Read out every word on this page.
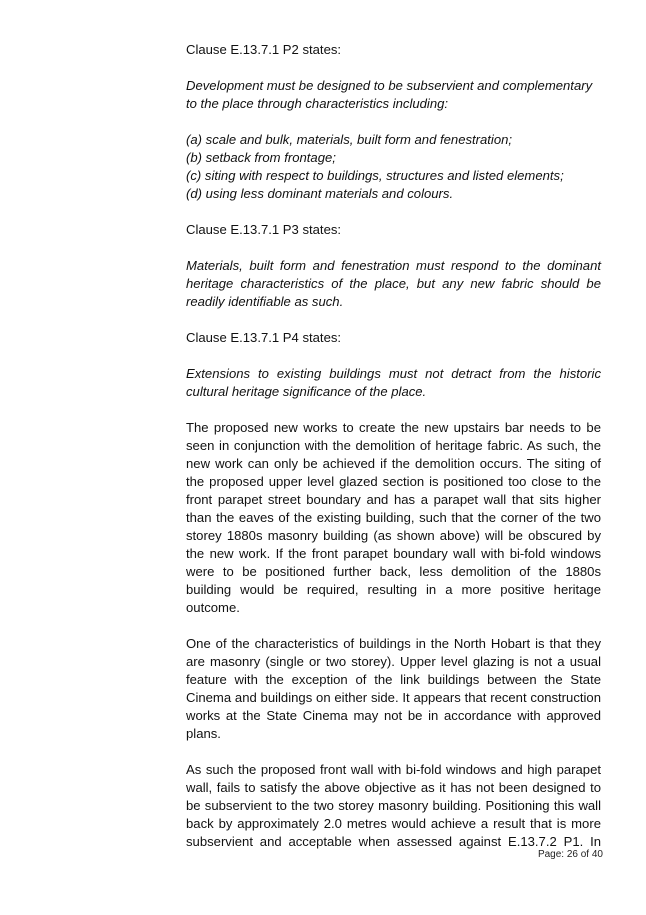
Clause E.13.7.1 P2 states:

Development must be designed to be subservient and complementary to the place through characteristics including:

(a) scale and bulk, materials, built form and fenestration;

(b) setback from frontage;

(c) siting with respect to buildings, structures and listed elements;

(d) using less dominant materials and colours.

Clause E.13.7.1 P3 states:

Materials, built form and fenestration must respond to the dominant heritage characteristics of the place, but any new fabric should be readily identifiable as such.

Clause E.13.7.1 P4 states:

Extensions to existing buildings must not detract from the historic cultural heritage significance of the place.

The proposed new works to create the new upstairs bar needs to be seen in conjunction with the demolition of heritage fabric. As such, the new work can only be achieved if the demolition occurs. The siting of the proposed upper level glazed section is positioned too close to the front parapet street boundary and has a parapet wall that sits higher than the eaves of the existing building, such that the corner of the two storey 1880s masonry building (as shown above) will be obscured by the new work. If the front parapet boundary wall with bi-fold windows were to be positioned further back, less demolition of the 1880s building would be required, resulting in a more positive heritage outcome.

One of the characteristics of buildings in the North Hobart is that they are masonry (single or two storey). Upper level glazing is not a usual feature with the exception of the link buildings between the State Cinema and buildings on either side. It appears that recent construction works at the State Cinema may not be in accordance with approved plans.

As such the proposed front wall with bi-fold windows and high parapet wall, fails to satisfy the above objective as it has not been designed to be subservient to the two storey masonry building. Positioning this wall back by approximately 2.0 metres would achieve a result that is more subservient and acceptable when assessed against E.13.7.2 P1. In

Page: 26 of 40
